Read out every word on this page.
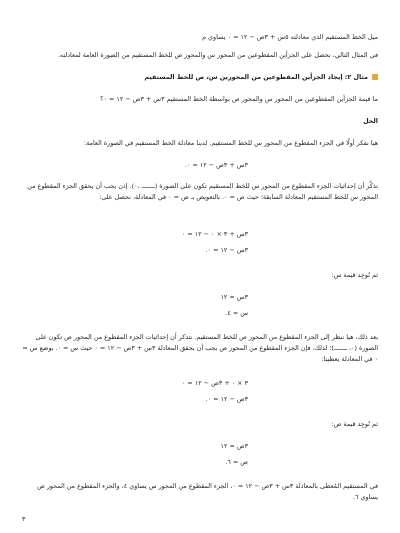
ميل الخط المستقيم الذي معادلته ٥س + ٣ص − ١٢ = ٠ يساوي م
في المثال التالي، نحصل على الجزأين المقطوعين من المحور س والمحور ص للخط المستقيم من الصورة العامة لمعادلته.
مثال ٢: إيجاد الجزأين المقطوعين من المحورين س، ص للخط المستقيم
ما قيمة الجزأين المقطوعين من المحور س والمحور ص بواسطة الخط المستقيم ٣س + ٣ص − ١٢ = ٠؟
الحل
هيا نفكر أولًا في الجزء المقطوع من المحور س للخط المستقيم. لدينا معادلة الخط المستقيم في الصورة العامة:
٣س + ٣ص − ١٢ = ٠.
تذكَّر أن إحداثيات الجزء المقطوع من المحور س للخط المستقيم تكون على الصورة (ـــــــ ،٠). إذن يجب أن يحقق الجزء المقطوع من المحور س للخط المستقيم المعادلة السابقة؛ حيث ص = ٠. بالتعويض بـ ص = ٠ في المعادلة، نحصل على:
٣س + ٣ × ٠ − ١٢ = ٠
٣س − ١٢ = ٠.
ثم نُوجِد قيمة س:
٣س = ١٢
س = ٤.
بعد ذلك، هيا ننظر إلى الجزء المقطوع من المحور ص للخط المستقيم. نتذكر أن إحداثيات الجزء المقطوع من المحور ص تكون على الصورة (٠، ـــــــ)؛ لذلك، فإن الجزء المقطوع من المحور ص يجب أن يحقق المعادلة ٣س + ٣ص − ١٢ = ٠ حيث س = ٠. بوضع س = ٠ في المعادلة يعطينا:
٣ × ٠ + ٣ص − ١٢ = ٠
٣ص − ١٢ = ٠.
ثم نُوجِد قيمة ص:
٣ص = ١٢
ص = ٦.
في المستقيم المُعطى بالمعادلة ٣س + ٣ص − ١٢ = ٠، الجزء المقطوع من المحور س يساوي ٤، والجزء المقطوع من المحور ص يساوي ٦.
٣
